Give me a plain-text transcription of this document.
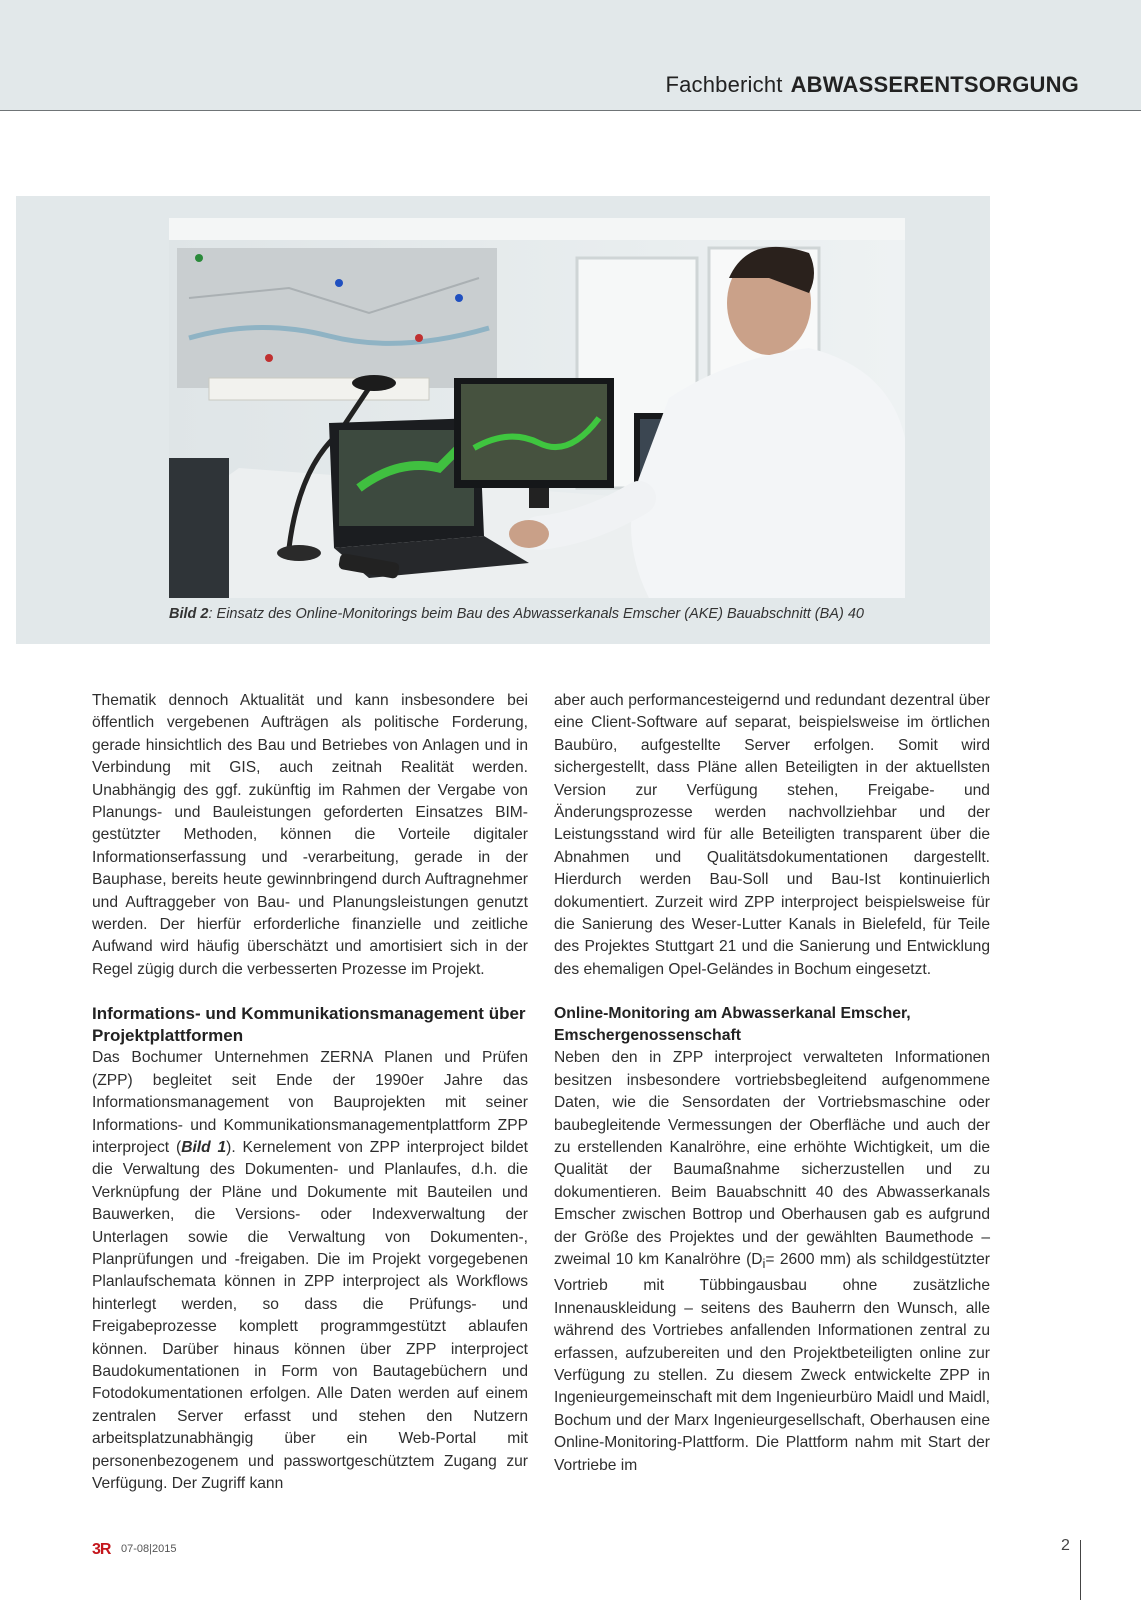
Fachbericht ABWASSERENTSORGUNG
Bild 2: Einsatz des Online-Monitorings beim Bau des Abwasserkanals Emscher (AKE) Bauabschnitt (BA) 40

Thematik dennoch Aktualität und kann insbesondere bei öffentlich vergebenen Aufträgen als politische Forderung, gerade hinsichtlich des Bau und Betriebes von Anlagen und in Verbindung mit GIS, auch zeitnah Realität werden. Unabhängig des ggf. zukünftig im Rahmen der Vergabe von Planungs- und Bauleistungen geforderten Einsatzes BIM-gestützter Methoden, können die Vorteile digitaler Informationserfassung und -verarbeitung, gerade in der Bauphase, bereits heute gewinnbringend durch Auftragnehmer und Auftraggeber von Bau- und Planungsleistungen genutzt werden. Der hierfür erforderliche finanzielle und zeitliche Aufwand wird häufig überschätzt und amortisiert sich in der Regel zügig durch die verbesserten Prozesse im Projekt.

Informations- und Kommunikationsmanagement über Projektplattformen

Das Bochumer Unternehmen ZERNA Planen und Prüfen (ZPP) begleitet seit Ende der 1990er Jahre das Informationsmanagement von Bauprojekten mit seiner Informations- und Kommunikationsmanagementplattform ZPP interproject (Bild 1). Kernelement von ZPP interproject bildet die Verwaltung des Dokumenten- und Planlaufes, d.h. die Verknüpfung der Pläne und Dokumente mit Bauteilen und Bauwerken, die Versions- oder Indexverwaltung der Unterlagen sowie die Verwaltung von Dokumenten-, Planprüfungen und -freigaben. Die im Projekt vorgegebenen Planlaufschemata können in ZPP interproject als Workflows hinterlegt werden, so dass die Prüfungs- und Freigabeprozesse komplett programmgestützt ablaufen können. Darüber hinaus können über ZPP interproject Baudokumentationen in Form von Bautagebüchern und Fotodokumentationen erfolgen. Alle Daten werden auf einem zentralen Server erfasst und stehen den Nutzern arbeitsplatzunabhängig über ein Web-Portal mit personenbezogenem und passwortgeschütztem Zugang zur Verfügung. Der Zugriff kann

aber auch performancesteigernd und redundant dezentral über eine Client-Software auf separat, beispielsweise im örtlichen Baubüro, aufgestellte Server erfolgen. Somit wird sichergestellt, dass Pläne allen Beteiligten in der aktuellsten Version zur Verfügung stehen, Freigabe- und Änderungsprozesse werden nachvollziehbar und der Leistungsstand wird für alle Beteiligten transparent über die Abnahmen und Qualitätsdokumentationen dargestellt. Hierdurch werden Bau-Soll und Bau-Ist kontinuierlich dokumentiert. Zurzeit wird ZPP interproject beispielsweise für die Sanierung des Weser-Lutter Kanals in Bielefeld, für Teile des Projektes Stuttgart 21 und die Sanierung und Entwicklung des ehemaligen Opel-Geländes in Bochum eingesetzt.

Online-Monitoring am Abwasserkanal Emscher, Emschergenossenschaft

Neben den in ZPP interproject verwalteten Informationen besitzen insbesondere vortriebsbegleitend aufgenommene Daten, wie die Sensordaten der Vortriebsmaschine oder baubegleitende Vermessungen der Oberfläche und auch der zu erstellenden Kanalröhre, eine erhöhte Wichtigkeit, um die Qualität der Baumaßnahme sicherzustellen und zu dokumentieren. Beim Bauabschnitt 40 des Abwasserkanals Emscher zwischen Bottrop und Oberhausen gab es aufgrund der Größe des Projektes und der gewählten Baumethode – zweimal 10 km Kanalröhre ($D_i= 2600$ mm) als schildgestützter Vortrieb mit Tübbingausbau ohne zusätzliche Innenauskleidung – seitens des Bauherrn den Wunsch, alle während des Vortriebes anfallenden Informationen zentral zu erfassen, aufzubereiten und den Projektbeteiligten online zur Verfügung zu stellen. Zu diesem Zweck entwickelte ZPP in Ingenieurgemeinschaft mit dem Ingenieurbüro Maidl und Maidl, Bochum und der Marx Ingenieurgesellschaft, Oberhausen eine Online-Monitoring-Plattform. Die Plattform nahm mit Start der Vortriebe im

3R 07-08|2015	2
